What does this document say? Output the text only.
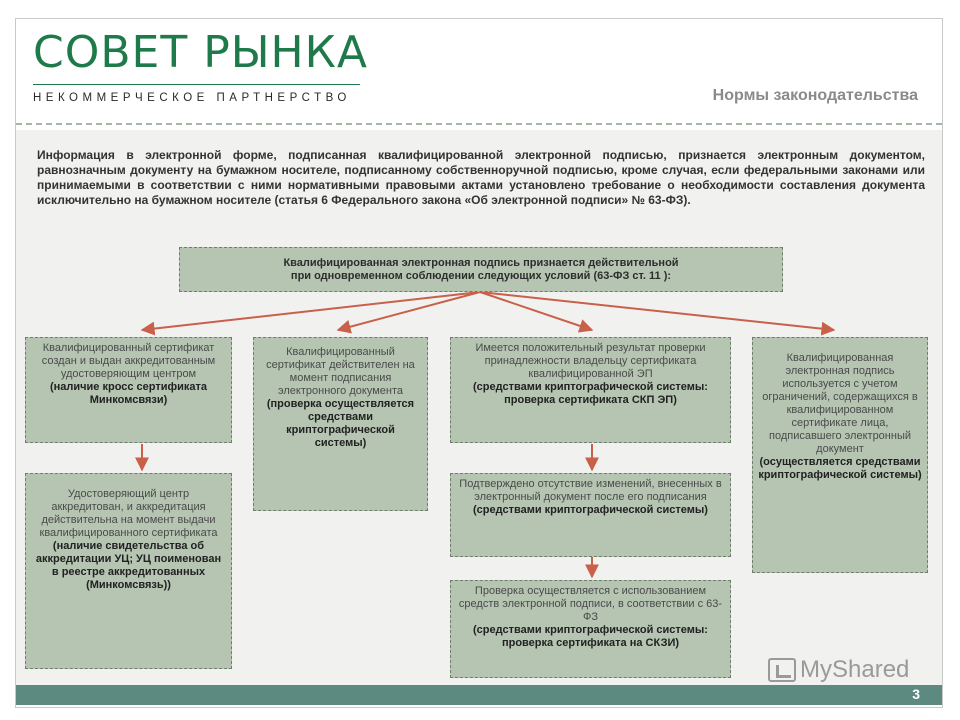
СОВЕТ РЫНКА
НЕКОММЕРЧЕСКОЕ ПАРТНЕРСТВО	Нормы законодательства

Информация в электронной форме, подписанная квалифицированной электронной подписью, признается электронным документом, равнозначным документу на бумажном носителе, подписанному собственноручной подписью, кроме случая, если федеральными законами или принимаемыми в соответствии с ними нормативными правовыми актами установлено требование о необходимости составления документа исключительно на бумажном носителе (статья 6 Федерального закона «Об электронной подписи» № 63-ФЗ).

Квалифицированная электронная подпись признается действительной
при одновременном соблюдении следующих условий (63-ФЗ ст. 11 ):
Квалифицированный сертификат создан и выдан аккредитованным удостоверяющим центром
(наличие кросс сертификата Минкомсвязи)
Удостоверяющий центр аккредитован, и аккредитация действительна на момент выдачи квалифицированного сертификата
(наличие свидетельства об аккредитации УЦ; УЦ поименован в реестре аккредитованных (Минкомсвязь))
Квалифицированный сертификат действителен на момент подписания электронного документа
(проверка осуществляется средствами криптографической системы)
Имеется положительный результат проверки принадлежности владельцу сертификата квалифицированной ЭП
(средствами криптографической системы: проверка сертификата СКП ЭП)
Подтверждено отсутствие изменений, внесенных в электронный документ после его подписания
(средствами криптографической системы)
Проверка осуществляется с использованием средств электронной подписи, в соответствии с 63-ФЗ
(средствами криптографической системы: проверка сертификата на СКЗИ)
Квалифицированная электронная подпись используется с учетом ограничений, содержащихся в квалифицированном сертификате лица, подписавшего электронный документ
(осуществляется средствами криптографической системы)
MyShared
3
